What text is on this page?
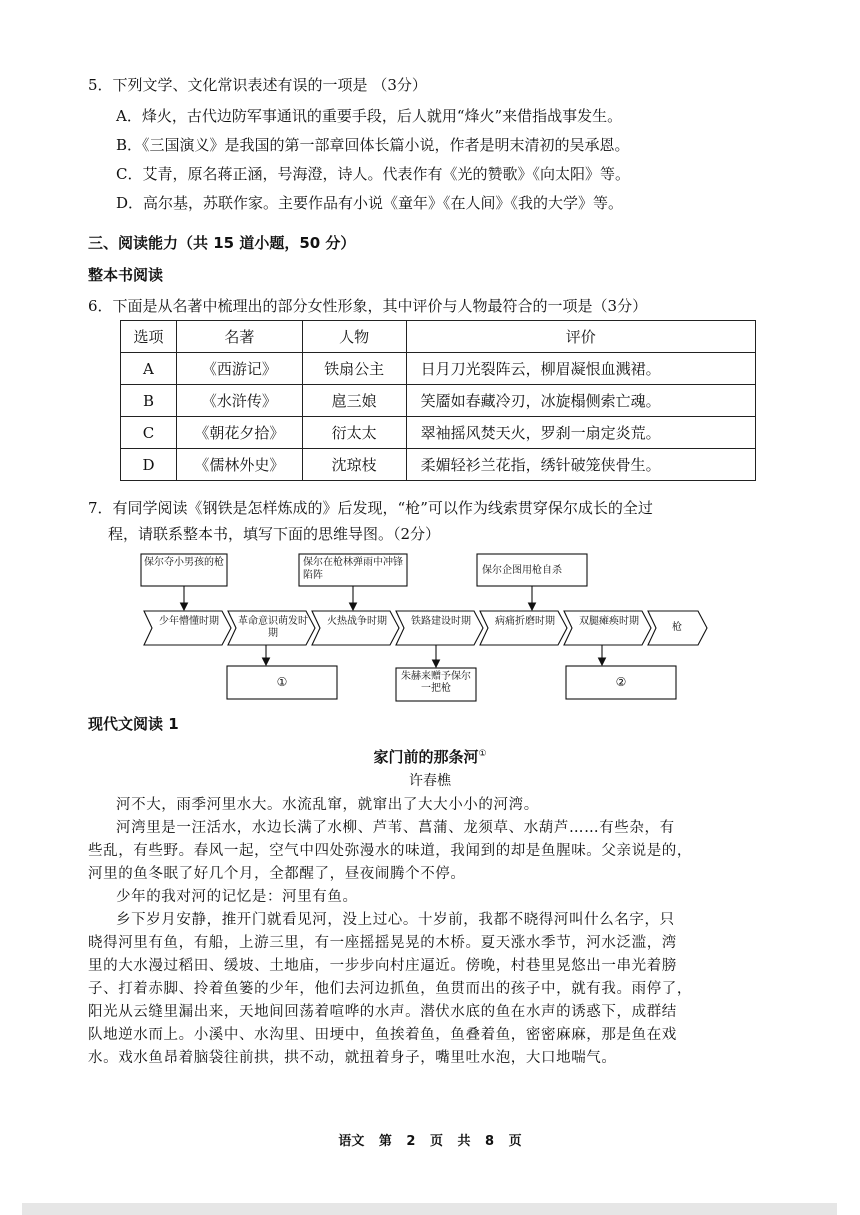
5．下列文学、文化常识表述有误的一项是 （3分）
A．烽火，古代边防军事通讯的重要手段，后人就用“烽火”来借指战事发生。
B．《三国演义》是我国的第一部章回体长篇小说，作者是明末清初的吴承恩。
C．艾青，原名蒋正涵，号海澄，诗人。代表作有《光的赞歌》《向太阳》等。
D．高尔基，苏联作家。主要作品有小说《童年》《在人间》《我的大学》等。
三、阅读能力（共 15 道小题，50 分）
整本书阅读
6．下面是从名著中梳理出的部分女性形象，其中评价与人物最符合的一项是（3分）
选项	名著	人物	评价
A	《西游记》	铁扇公主	日月刀光裂阵云，柳眉凝恨血溅裙。
B	《水浒传》	扈三娘	笑靥如春藏冷刃，冰旋榻侧索亡魂。
C	《朝花夕拾》	衍太太	翠袖摇风焚天火，罗刹一扇定炎荒。
D	《儒林外史》	沈琼枝	柔媚轻衫兰花指，绣针破笼侠骨生。
7．有同学阅读《钢铁是怎样炼成的》后发现，“枪”可以作为线索贯穿保尔成长的全过
程，请联系整本书，填写下面的思维导图。（2分）
保尔夺小男孩的枪	保尔在枪林弹雨中冲锋陷阵	保尔企图用枪自杀
少年懵懂时期	革命意识萌发时期
火热战争时期	铁路建设时期	病痛折磨时期	双腿瘫痪时期
枪
①	朱赫来赠予保尔一把枪	②
现代文阅读 1
家门前的那条河①
许春樵
河不大，雨季河里水大。水流乱窜，就窜出了大大小小的河湾。
河湾里是一汪活水，水边长满了水柳、芦苇、菖蒲、龙须草、水葫芦……有些杂，有
些乱，有些野。春风一起，空气中四处弥漫水的味道，我闻到的却是鱼腥味。父亲说是的，
河里的鱼冬眠了好几个月，全都醒了，昼夜闹腾个不停。
少年的我对河的记忆是：河里有鱼。
乡下岁月安静，推开门就看见河，没上过心。十岁前，我都不晓得河叫什么名字，只
晓得河里有鱼，有船，上游三里，有一座摇摇晃晃的木桥。夏天涨水季节，河水泛滥，湾
里的大水漫过稻田、缓坡、土地庙，一步步向村庄逼近。傍晚，村巷里晃悠出一串光着膀
子、打着赤脚、拎着鱼篓的少年，他们去河边抓鱼，鱼贯而出的孩子中，就有我。雨停了，
阳光从云缝里漏出来，天地间回荡着喧哗的水声。潜伏水底的鱼在水声的诱惑下，成群结
队地逆水而上。小溪中、水沟里、田埂中，鱼挨着鱼，鱼叠着鱼，密密麻麻，那是鱼在戏
水。戏水鱼昂着脑袋往前拱，拱不动，就扭着身子，嘴里吐水泡，大口地喘气。
语文 第 2 页 共 8 页
